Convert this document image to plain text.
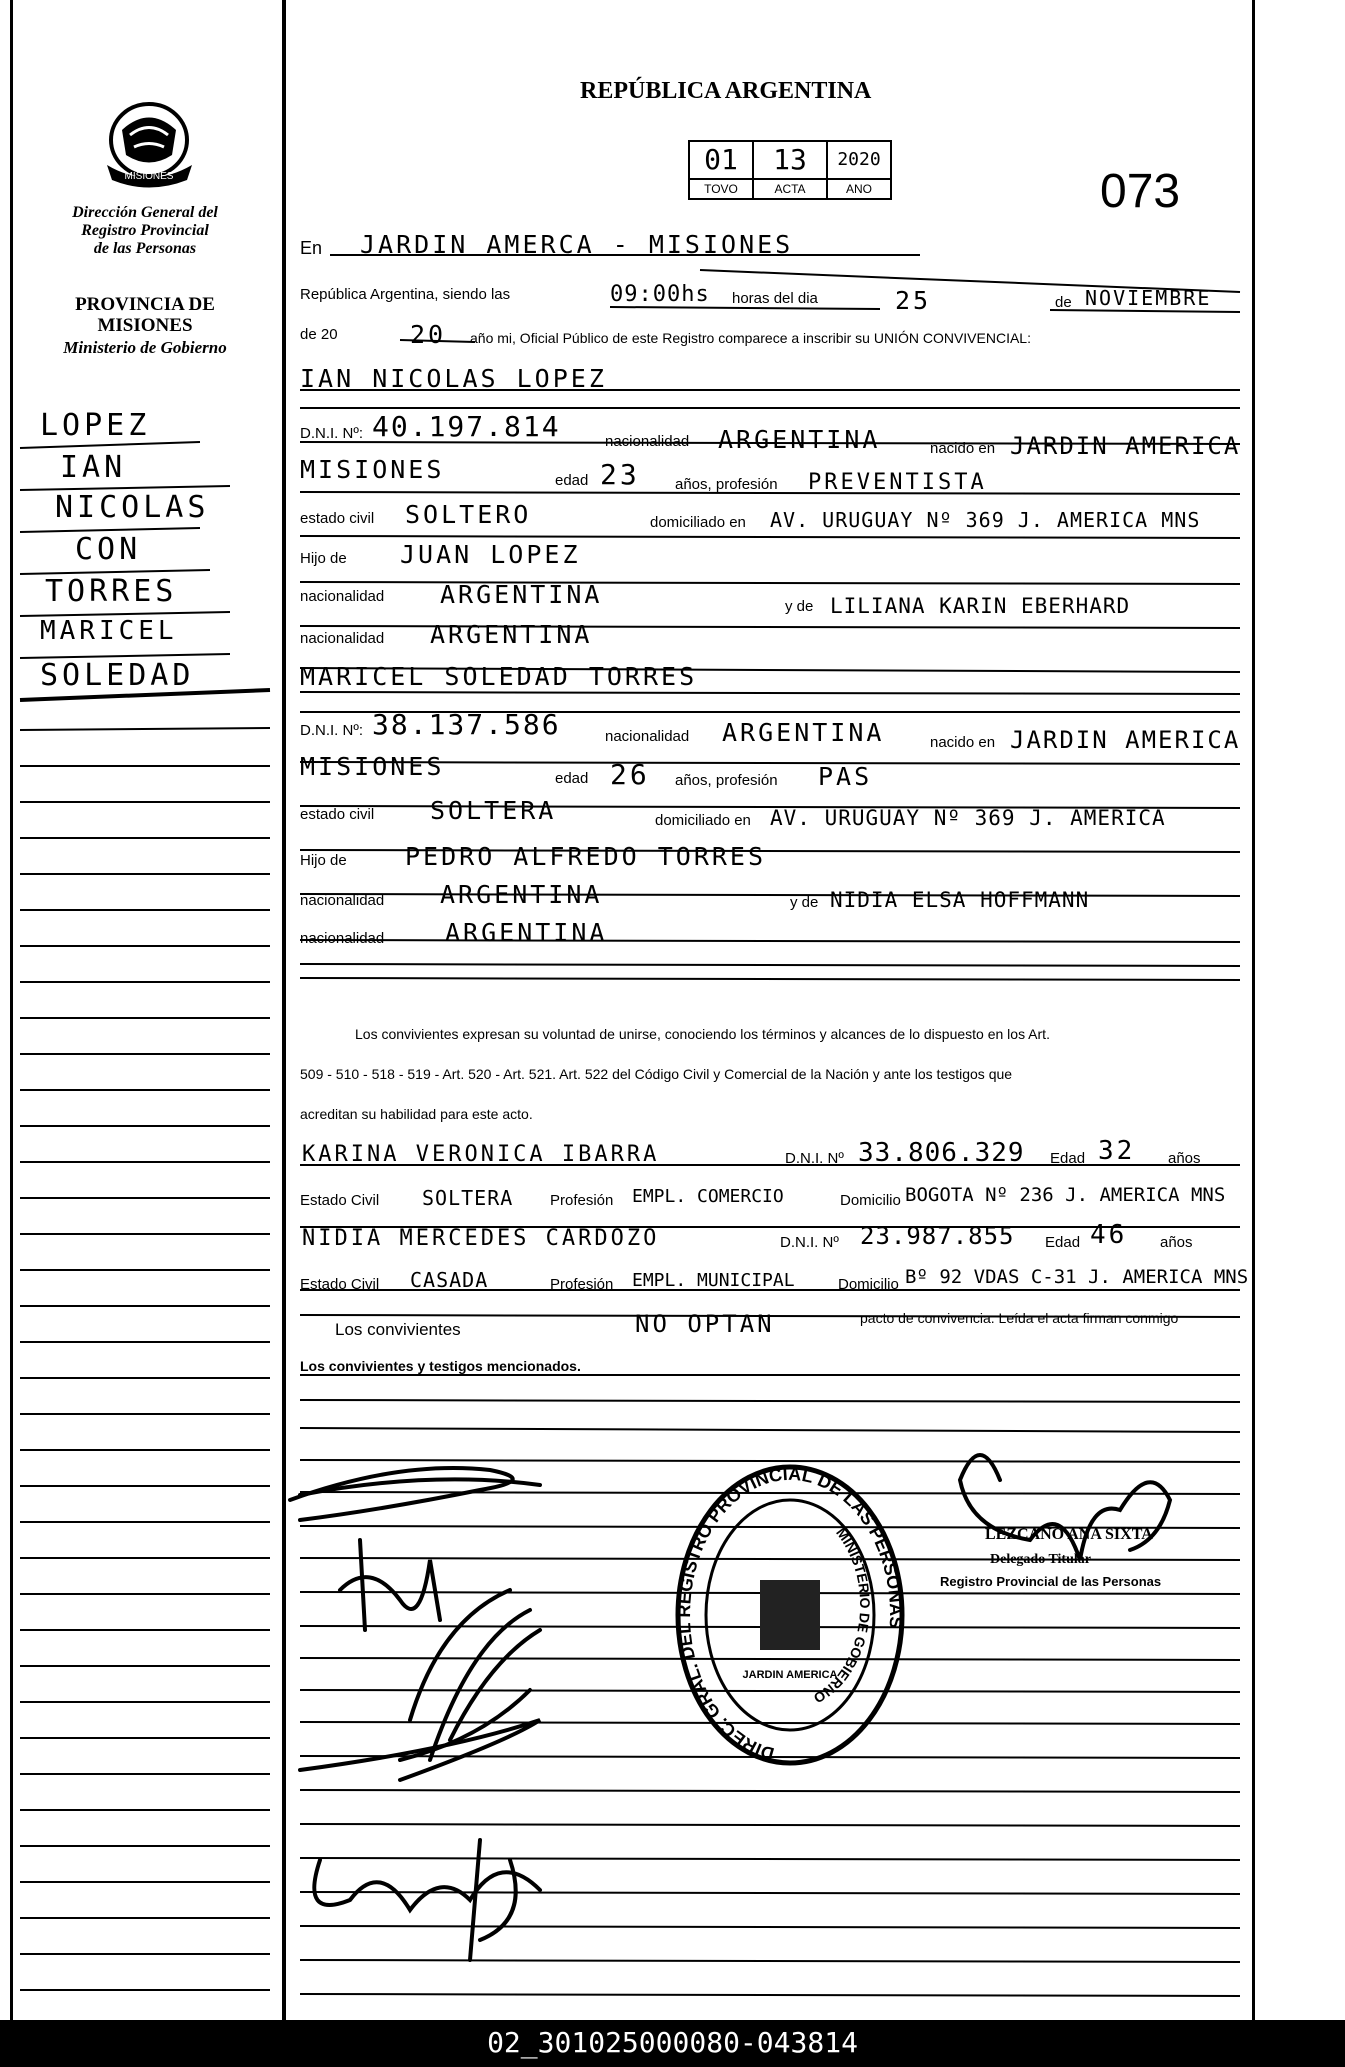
MISIONES
Dirección General del
Registro Provincial
de las Personas
PROVINCIA DE
MISIONES
Ministerio de Gobierno
LOPEZ
IAN
NICOLAS
CON
TORRES
MARICEL
SOLEDAD
REPÚBLICA ARGENTINA
01	13	2020
TOVO	ACTA	ANO	073
En JARDIN AMERCA - MISIONES
República Argentina, siendo las	09:00hs horas del dia	25	de NOVIEMBRE
de 20	20 año mi, Oficial Público de este Registro comparece a inscribir su UNIÓN CONVIVENCIAL:
IAN NICOLAS LOPEZ
D.N.I. Nº: 40.197.814	nacionalidad ARGENTINA	nacido en JARDIN AMERICA
MISIONES	edad 23 años, profesión PREVENTISTA
estado civil SOLTERO	domiciliado en AV. URUGUAY Nº 369 J. AMERICA MNS
Hijo de JUAN LOPEZ
nacionalidad ARGENTINA	y de LILIANA KARIN EBERHARD
nacionalidad ARGENTINA
MARICEL SOLEDAD TORRES
D.N.I. Nº: 38.137.586	nacionalidad ARGENTINA	nacido en JARDIN AMERICA
MISIONES	edad 26 años, profesión PAS
estado civil SOLTERA	domiciliado en AV. URUGUAY Nº 369 J. AMERICA
Hijo de PEDRO ALFREDO TORRES
nacionalidad ARGENTINA	y de NIDIA ELSA HOFFMANN
nacionalidad ARGENTINA
Los convivientes expresan su voluntad de unirse, conociendo los términos y alcances de lo dispuesto en los Art.
509 - 510 - 518 - 519 - Art. 520 - Art. 521. Art. 522 del Código Civil y Comercial de la Nación y ante los testigos que
acreditan su habilidad para este acto.
KARINA VERONICA IBARRA	D.N.I. Nº 33.806.329 Edad 32 años
Estado Civil SOLTERA Profesión EMPL. COMERCIO	Domicilio BOGOTA Nº 236 J. AMERICA MNS
NIDIA MERCEDES CARDOZO	D.N.I. Nº 23.987.855 Edad 46 años
Estado Civil CASADA	Profesión EMPL. MUNICIPAL	Domicilio Bº 92 VDAS C-31 J. AMERICA MNS
Los convivientes	NO OPTAN	pacto de convivencia. Leída el acta firman conmigo
Los convivientes y testigos mencionados.
DIREC. GRAL. DEL REGISTRO PROVINCIAL DE LAS PERSONAS
MINISTERIO DE GOBIERNO
JARDIN AMERICA
LEZCANO ANA SIXTA
Delegado Titular
Registro Provincial de las Personas
02_301025000080-043814
